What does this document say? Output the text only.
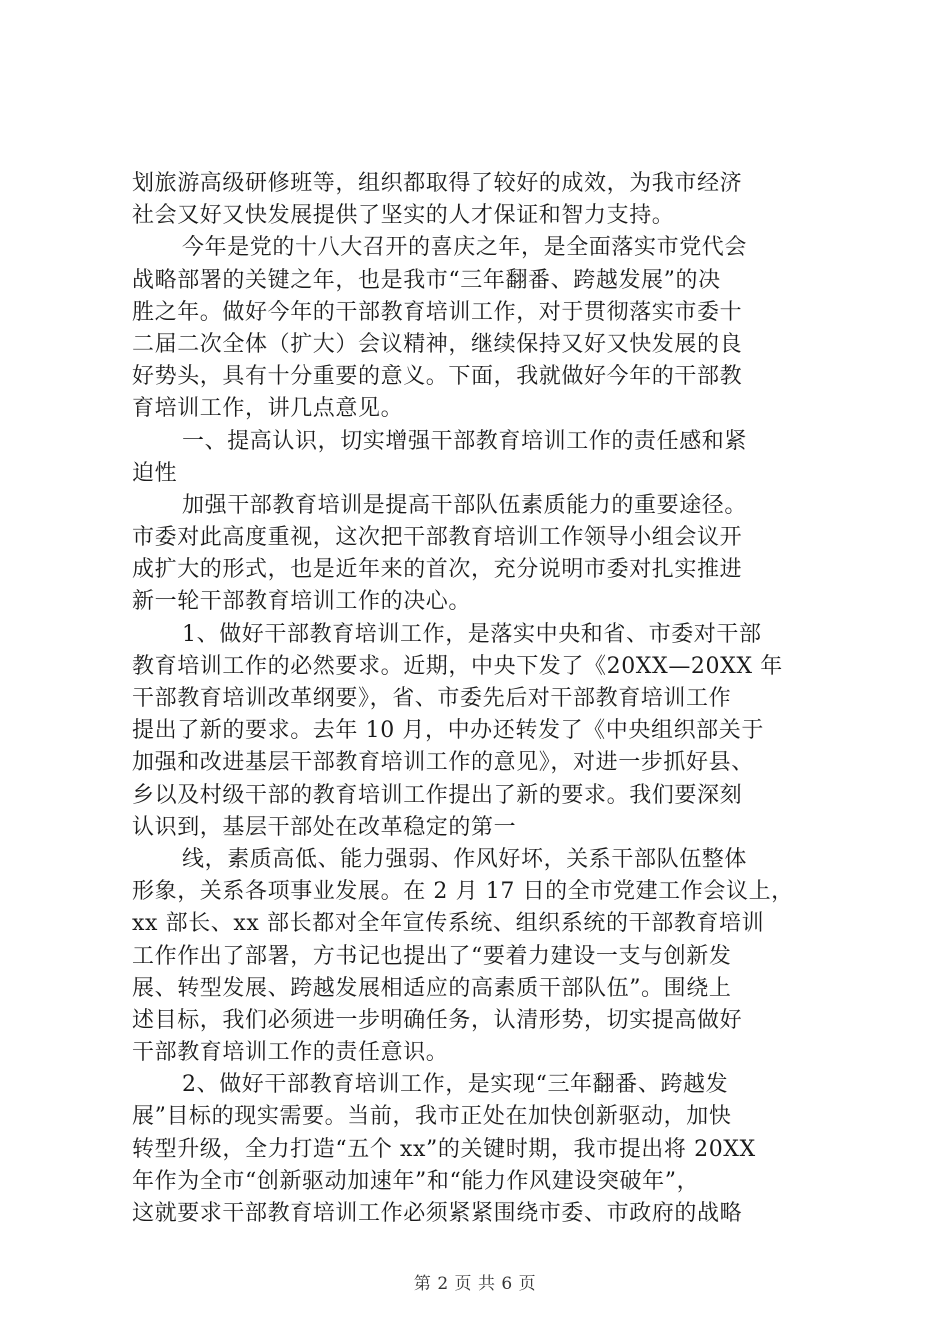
划旅游高级研修班等，组织都取得了较好的成效，为我市经济
社会又好又快发展提供了坚实的人才保证和智力支持。
今年是党的十八大召开的喜庆之年，是全面落实市党代会
战略部署的关键之年，也是我市“三年翻番、跨越发展”的决
胜之年。做好今年的干部教育培训工作，对于贯彻落实市委十
二届二次全体（扩大）会议精神，继续保持又好又快发展的良
好势头，具有十分重要的意义。下面，我就做好今年的干部教
育培训工作，讲几点意见。
一、提高认识，切实增强干部教育培训工作的责任感和紧
迫性
加强干部教育培训是提高干部队伍素质能力的重要途径。
市委对此高度重视，这次把干部教育培训工作领导小组会议开
成扩大的形式，也是近年来的首次，充分说明市委对扎实推进
新一轮干部教育培训工作的决心。
1、做好干部教育培训工作，是落实中央和省、市委对干部
教育培训工作的必然要求。近期，中央下发了《20XX—20XX 年
干部教育培训改革纲要》，省、市委先后对干部教育培训工作
提出了新的要求。去年 10 月，中办还转发了《中央组织部关于
加强和改进基层干部教育培训工作的意见》，对进一步抓好县、
乡以及村级干部的教育培训工作提出了新的要求。我们要深刻
认识到，基层干部处在改革稳定的第一
线，素质高低、能力强弱、作风好坏，关系干部队伍整体
形象，关系各项事业发展。在 2 月 17 日的全市党建工作会议上，
xx 部长、xx 部长都对全年宣传系统、组织系统的干部教育培训
工作作出了部署，方书记也提出了“要着力建设一支与创新发
展、转型发展、跨越发展相适应的高素质干部队伍”。围绕上
述目标，我们必须进一步明确任务，认清形势，切实提高做好
干部教育培训工作的责任意识。
2、做好干部教育培训工作，是实现“三年翻番、跨越发
展”目标的现实需要。当前，我市正处在加快创新驱动，加快
转型升级，全力打造“五个 xx”的关键时期，我市提出将 20XX
年作为全市“创新驱动加速年”和“能力作风建设突破年”，
这就要求干部教育培训工作必须紧紧围绕市委、市政府的战略
第 2 页 共 6 页
